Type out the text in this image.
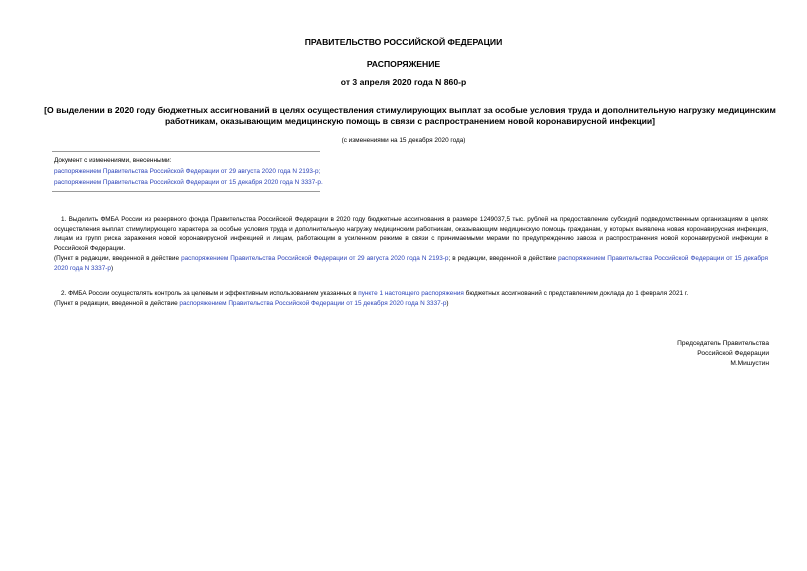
ПРАВИТЕЛЬСТВО РОССИЙСКОЙ ФЕДЕРАЦИИ
РАСПОРЯЖЕНИЕ
от 3 апреля 2020 года N 860-р
[О выделении в 2020 году бюджетных ассигнований в целях осуществления стимулирующих выплат за особые условия труда и дополнительную нагрузку медицинским работникам, оказывающим медицинскую помощь в связи с распространением новой коронавирусной инфекции]
(с изменениями на 15 декабря 2020 года)
Документ с изменениями, внесенными:
распоряжением Правительства Российской Федерации от 29 августа 2020 года N 2193-р;
распоряжением Правительства Российской Федерации от 15 декабря 2020 года N 3337-р.
1. Выделить ФМБА России из резервного фонда Правительства Российской Федерации в 2020 году бюджетные ассигнования в размере 1249037,5 тыс. рублей на предоставление субсидий подведомственным организациям в целях осуществления выплат стимулирующего характера за особые условия труда и дополнительную нагрузку медицинским работникам, оказывающим медицинскую помощь гражданам, у которых выявлена новая коронавирусная инфекция, лицам из групп риска заражения новой коронавирусной инфекцией и лицам, работающим в усиленном режиме в связи с принимаемыми мерами по предупреждению завоза и распространения новой коронавирусной инфекции в Российской Федерации.
(Пункт в редакции, введенной в действие распоряжением Правительства Российской Федерации от 29 августа 2020 года N 2193-р; в редакции, введенной в действие распоряжением Правительства Российской Федерации от 15 декабря 2020 года N 3337-р)
2. ФМБА России осуществлять контроль за целевым и эффективным использованием указанных в пункте 1 настоящего распоряжения бюджетных ассигнований с представлением доклада до 1 февраля 2021 г.
(Пункт в редакции, введенной в действие распоряжением Правительства Российской Федерации от 15 декабря 2020 года N 3337-р)
Председатель Правительства
Российской Федерации
М.Мишустин
